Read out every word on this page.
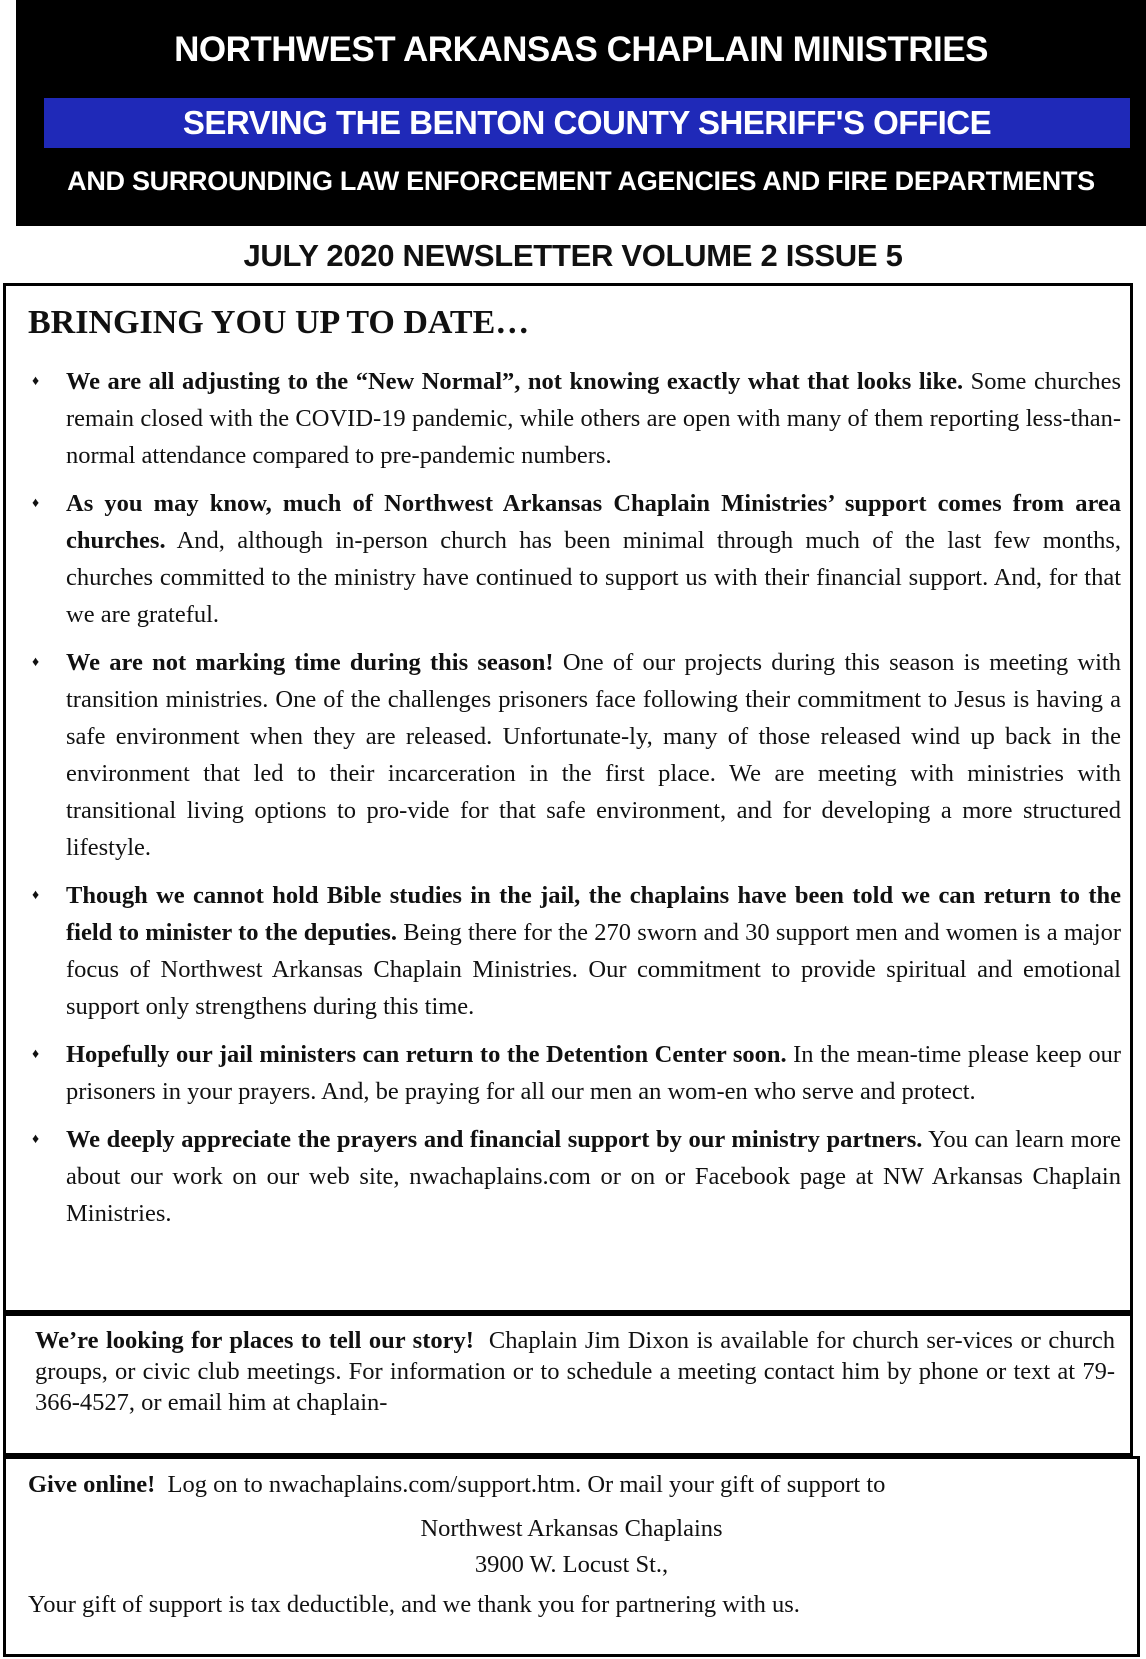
NORTHWEST ARKANSAS CHAPLAIN MINISTRIES
SERVING THE BENTON COUNTY SHERIFF'S OFFICE
AND SURROUNDING LAW ENFORCEMENT AGENCIES AND FIRE DEPARTMENTS
JULY 2020 NEWSLETTER VOLUME 2 ISSUE 5
BRINGING YOU UP TO DATE…
♦ We are all adjusting to the “New Normal”, not knowing exactly what that looks like. Some churches remain closed with the COVID-19 pandemic, while others are open with many of them reporting less-than-normal attendance compared to pre-pandemic numbers.
♦ As you may know, much of Northwest Arkansas Chaplain Ministries’ support comes from area churches. And, although in-person church has been minimal through much of the last few months, churches committed to the ministry have continued to support us with their financial support. And, for that we are grateful.
♦ We are not marking time during this season! One of our projects during this season is meeting with transition ministries. One of the challenges prisoners face following their commitment to Jesus is having a safe environment when they are released. Unfortunate-ly, many of those released wind up back in the environment that led to their incarceration in the first place. We are meeting with ministries with transitional living options to pro-vide for that safe environment, and for developing a more structured lifestyle.
♦ Though we cannot hold Bible studies in the jail, the chaplains have been told we can return to the field to minister to the deputies. Being there for the 270 sworn and 30 support men and women is a major focus of Northwest Arkansas Chaplain Ministries. Our commitment to provide spiritual and emotional support only strengthens during this time.
♦ Hopefully our jail ministers can return to the Detention Center soon. In the mean-time please keep our prisoners in your prayers. And, be praying for all our men an wom-en who serve and protect.
♦ We deeply appreciate the prayers and financial support by our ministry partners. You can learn more about our work on our web site, nwachaplains.com or on or Facebook page at NW Arkansas Chaplain Ministries.

We’re looking for places to tell our story! Chaplain Jim Dixon is available for church ser-vices or church groups, or civic club meetings. For information or to schedule a meeting contact him by phone or text at 79-366-4527, or email him at chaplain-

Give online! Log on to nwachaplains.com/support.htm. Or mail your gift of support to

Northwest Arkansas Chaplains

3900 W. Locust St.,

Your gift of support is tax deductible, and we thank you for partnering with us.
